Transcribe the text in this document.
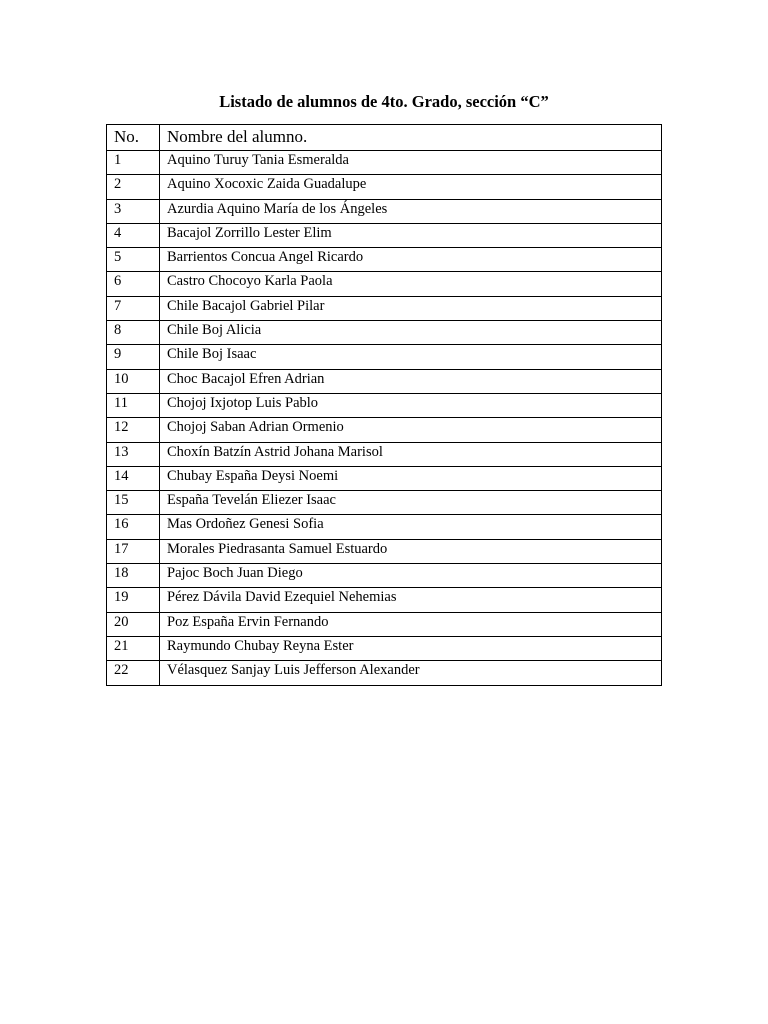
Listado de alumnos de 4to. Grado, sección “C”
No.	Nombre del alumno.
1	Aquino Turuy Tania Esmeralda
2	Aquino Xocoxic Zaida Guadalupe
3	Azurdia Aquino María de los Ángeles
4	Bacajol Zorrillo Lester Elim
5	Barrientos Concua Angel Ricardo
6	Castro Chocoyo Karla Paola
7	Chile Bacajol Gabriel Pilar
8	Chile Boj Alicia
9	Chile Boj Isaac
10	Choc Bacajol Efren Adrian
11	Chojoj Ixjotop Luis Pablo
12	Chojoj Saban Adrian Ormenio
13	Choxín Batzín Astrid Johana Marisol
14	Chubay España Deysi Noemi
15	España Tevelán Eliezer Isaac
16	Mas Ordoñez Genesi Sofia
17	Morales Piedrasanta Samuel Estuardo
18	Pajoc Boch Juan Diego
19	Pérez Dávila David Ezequiel Nehemias
20	Poz España Ervin Fernando
21	Raymundo Chubay Reyna Ester
22	Vélasquez Sanjay Luis Jefferson Alexander
